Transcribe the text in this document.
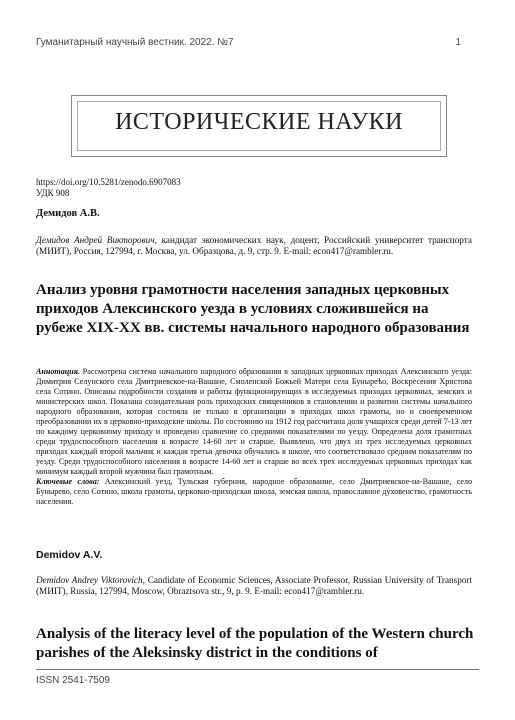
Гуманитарный научный вестник. 2022. №7	1
ИСТОРИЧЕСКИЕ НАУКИ
https://doi.org/10.5281/zenodo.6907083
УДК 908
Демидов А.В.
Демидов Андрей Викторович, кандидат экономических наук, доцент, Российский университет транспорта (МИИТ), Россия, 127994, г. Москва, ул. Образцова, д. 9, стр. 9. E-mail: econ417@rambler.ru.
Анализ уровня грамотности населения западных церковных приходов Алексинского уезда в условиях сложившейся на рубеже XIX-XX вв. системы начального народного образования
Аннотация. Рассмотрена система начального народного образования в западных церковных приходах Алексинского уезда: Димитрия Селунского села Дмитриевское-на-Вашане, Смоленской Божьей Матери села Буныреѣо, Воскресения Христова села Сотино. Описаны подробности создания и работы функционирующих в исследуемых приходах церковных, земских и министерских школ. Показана созидательная роль приходских священников в становлении и развитии системы начального народного образования, которая состояла не только в организации в приходах школ грамоты, но и своевременном преобразовании их в церковно-приходские школы. По состоянию на 1912 год рассчитана доля учащихся среди детей 7-13 лет по каждому церковному приходу и проведено сравнение со средними показателями по уезду. Определена доля грамотных среди трудоспособного населения в возрасте 14-60 лет и старше. Выявлено, что двух из трех исследуемых церковных приходах каждый второй мальчик и каждая третья девочка обучались в школе, что соответствовало средним показателям по уезду. Среди трудоспособного населения в возрасте 14-60 лет и старше во всех трех исследуемых церковных приходах как минимум каждый второй мужчина был грамотным.
Ключевые слова: Алексинский уезд, Тульская губерния, народное образование, село Дмитриевское-на-Вашане, село Бунырево, село Сотино, школа грамоты, церковно-приходская школа, земская школа, православное духовенство, грамотность населения.
Demidov A.V.
Demidov Andrey Viktorovich, Candidate of Economic Sciences, Associate Professor, Russian University of Transport (МИІТ), Russia, 127994, Moscow, Obraztsova str., 9, p. 9. E-mail: econ417@rambler.ru.
Analysis of the literacy level of the population of the Western church parishes of the Aleksinsky district in the conditions of
ISSN 2541-7509
